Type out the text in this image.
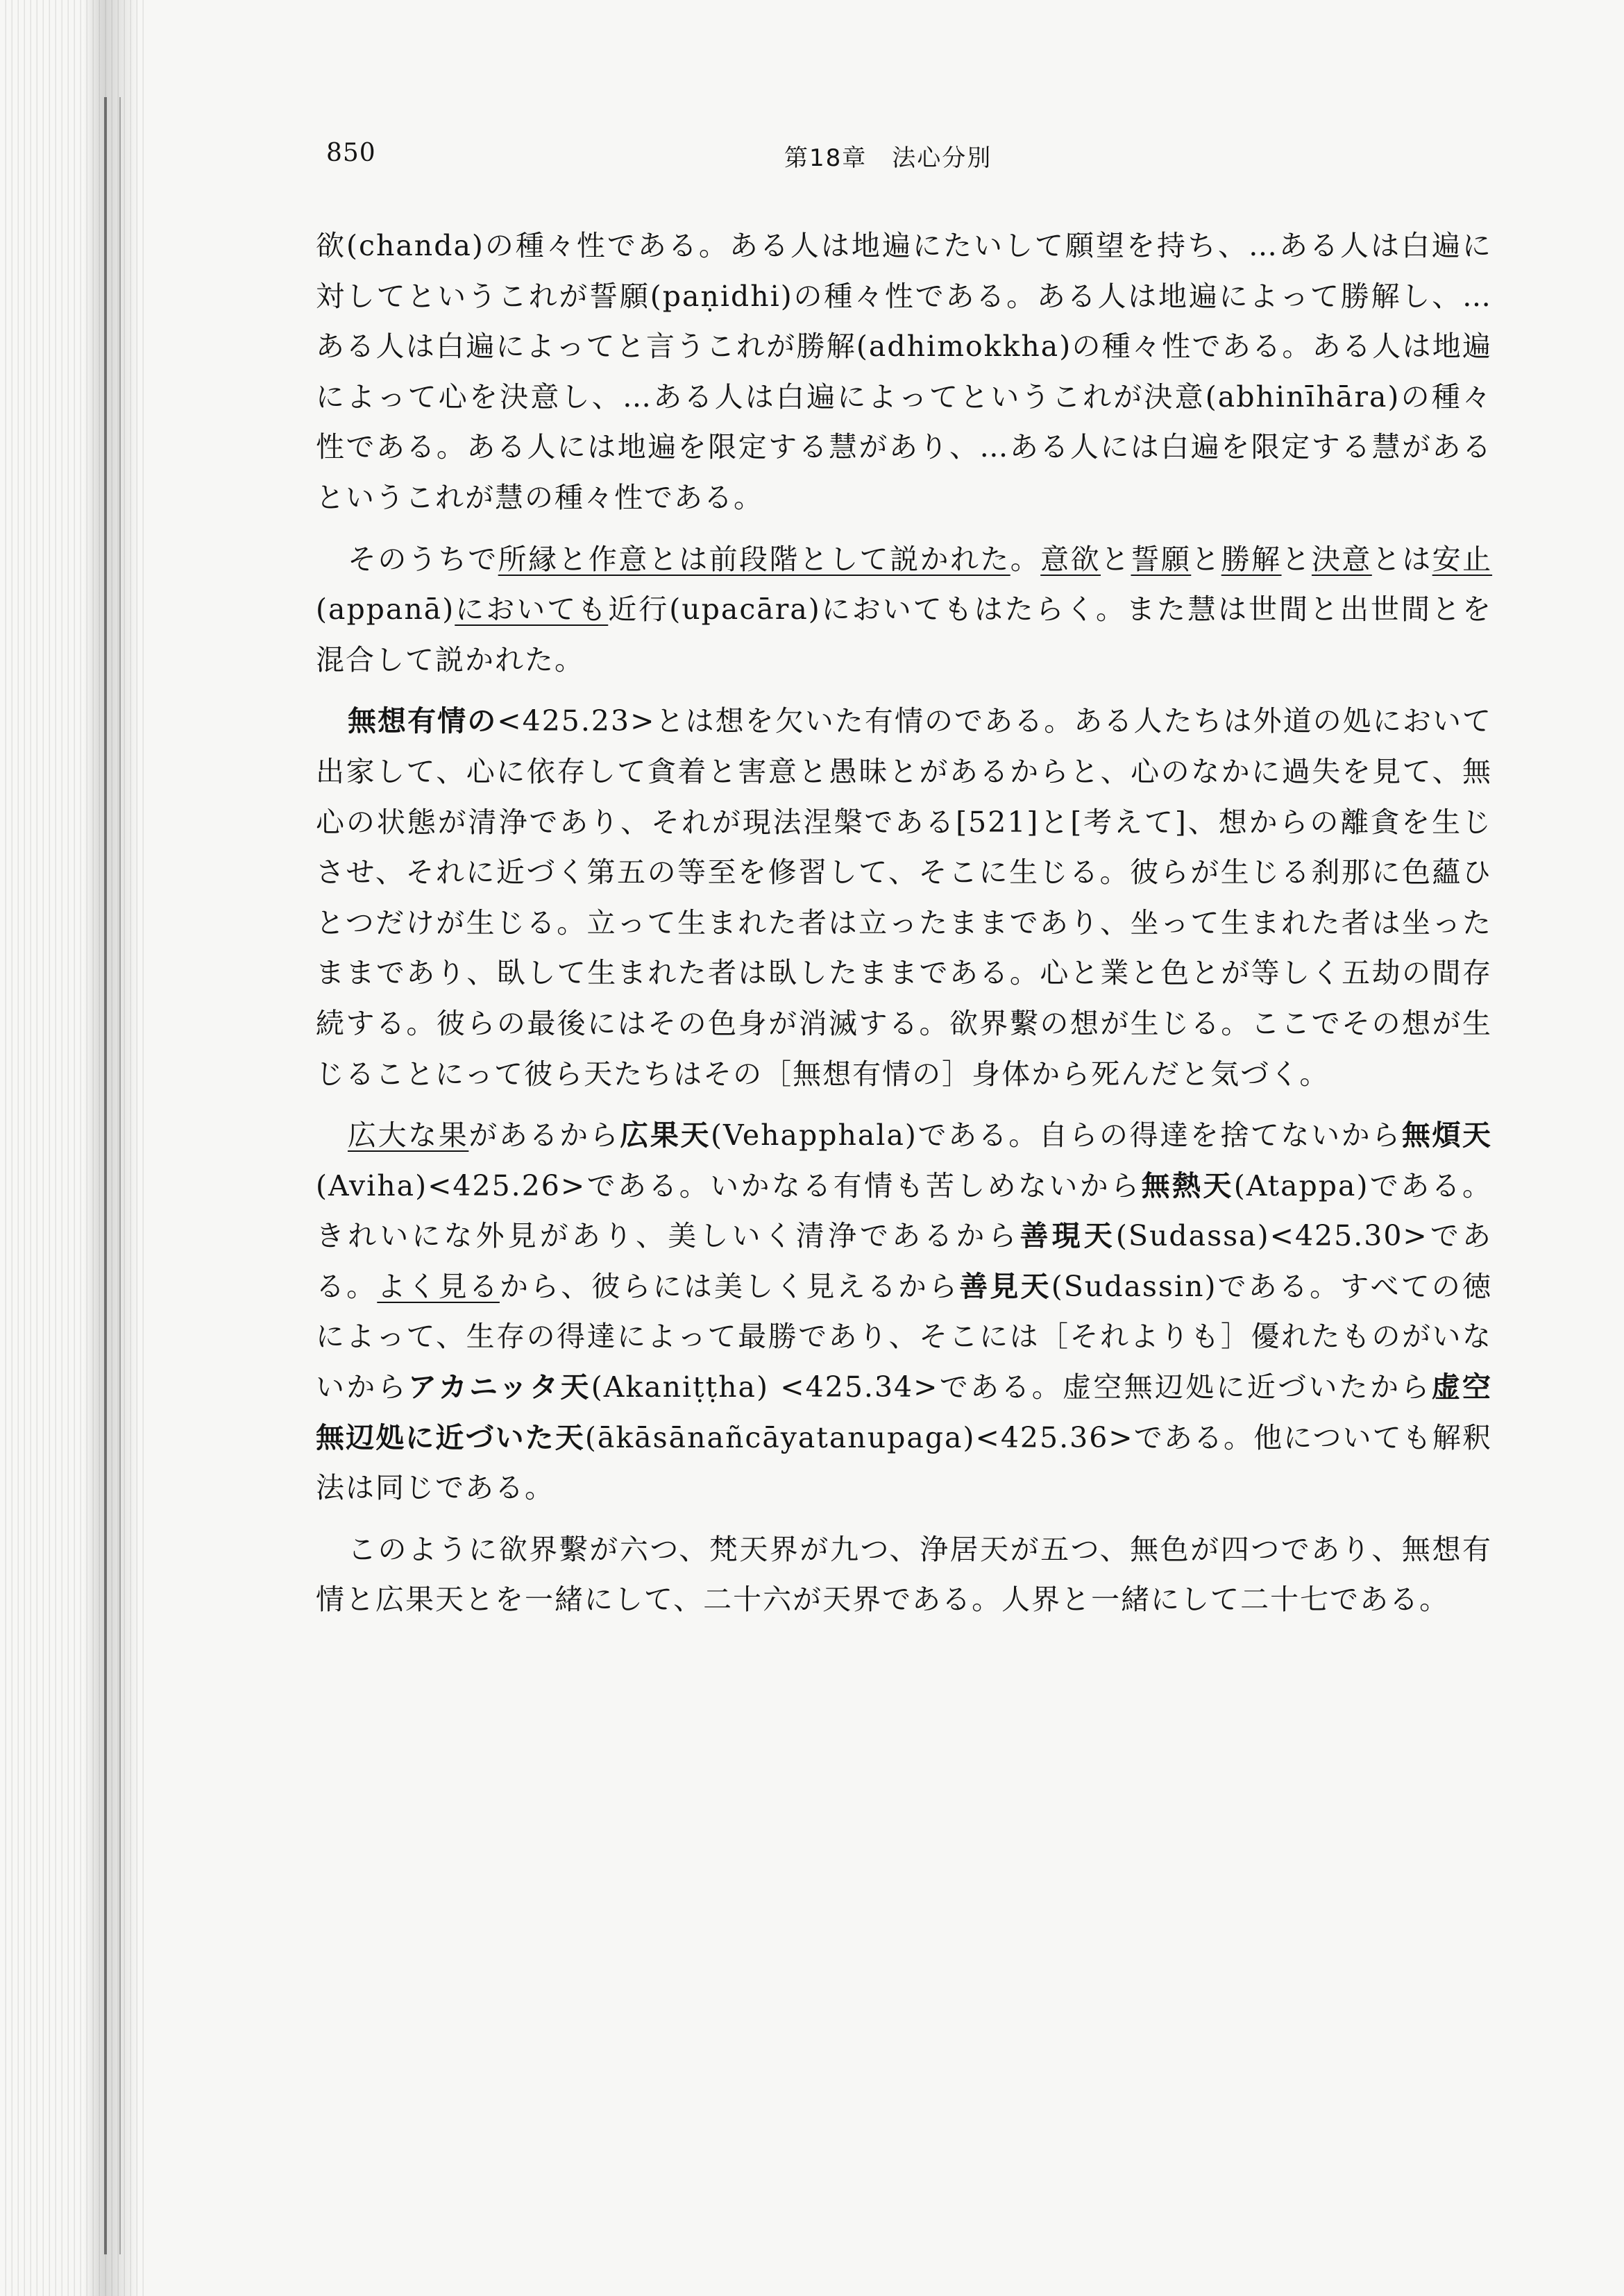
850	第18章　法心分別

欲(chanda)の種々性である。ある人は地遍にたいして願望を持ち、…ある人は白遍に対してというこれが誓願(paṇidhi)の種々性である。ある人は地遍によって勝解し、…ある人は白遍によってと言うこれが勝解(adhimokkha)の種々性である。ある人は地遍によって心を決意し、…ある人は白遍によってというこれが決意(abhinīhāra)の種々性である。ある人には地遍を限定する慧があり、…ある人には白遍を限定する慧があるというこれが慧の種々性である。

そのうちで所縁と作意とは前段階として説かれた。意欲と誓願と勝解と決意とは安止(appanā)においても近行(upacāra)においてもはたらく。また慧は世間と出世間とを混合して説かれた。

無想有情の<425.23>とは想を欠いた有情のである。ある人たちは外道の処において出家して、心に依存して貪着と害意と愚昧とがあるからと、心のなかに過失を見て、無心の状態が清浄であり、それが現法涅槃である[521]と[考えて]、想からの離貪を生じさせ、それに近づく第五の等至を修習して、そこに生じる。彼らが生じる刹那に色蘊ひとつだけが生じる。立って生まれた者は立ったままであり、坐って生まれた者は坐ったままであり、臥して生まれた者は臥したままである。心と業と色とが等しく五劫の間存続する。彼らの最後にはその色身が消滅する。欲界繫の想が生じる。ここでその想が生じることにって彼ら天たちはその［無想有情の］身体から死んだと気づく。

広大な果があるから広果天(Vehapphala)である。自らの得達を捨てないから無煩天(Aviha)<425.26>である。いかなる有情も苦しめないから無熱天(Atappa)である。きれいにな外見があり、美しいく清浄であるから善現天(Sudassa)<425.30>である。よく見るから、彼らには美しく見えるから善見天(Sudassin)である。すべての徳によって、生存の得達によって最勝であり、そこには［それよりも］優れたものがいないからアカニッタ天(Akaniṭṭha) <425.34>である。虚空無辺処に近づいたから虚空無辺処に近づいた天(ākāsānañcāyatanupaga)<425.36>である。他についても解釈法は同じである。

このように欲界繫が六つ、梵天界が九つ、浄居天が五つ、無色が四つであり、無想有情と広果天とを一緒にして、二十六が天界である。人界と一緒にして二十七である。
